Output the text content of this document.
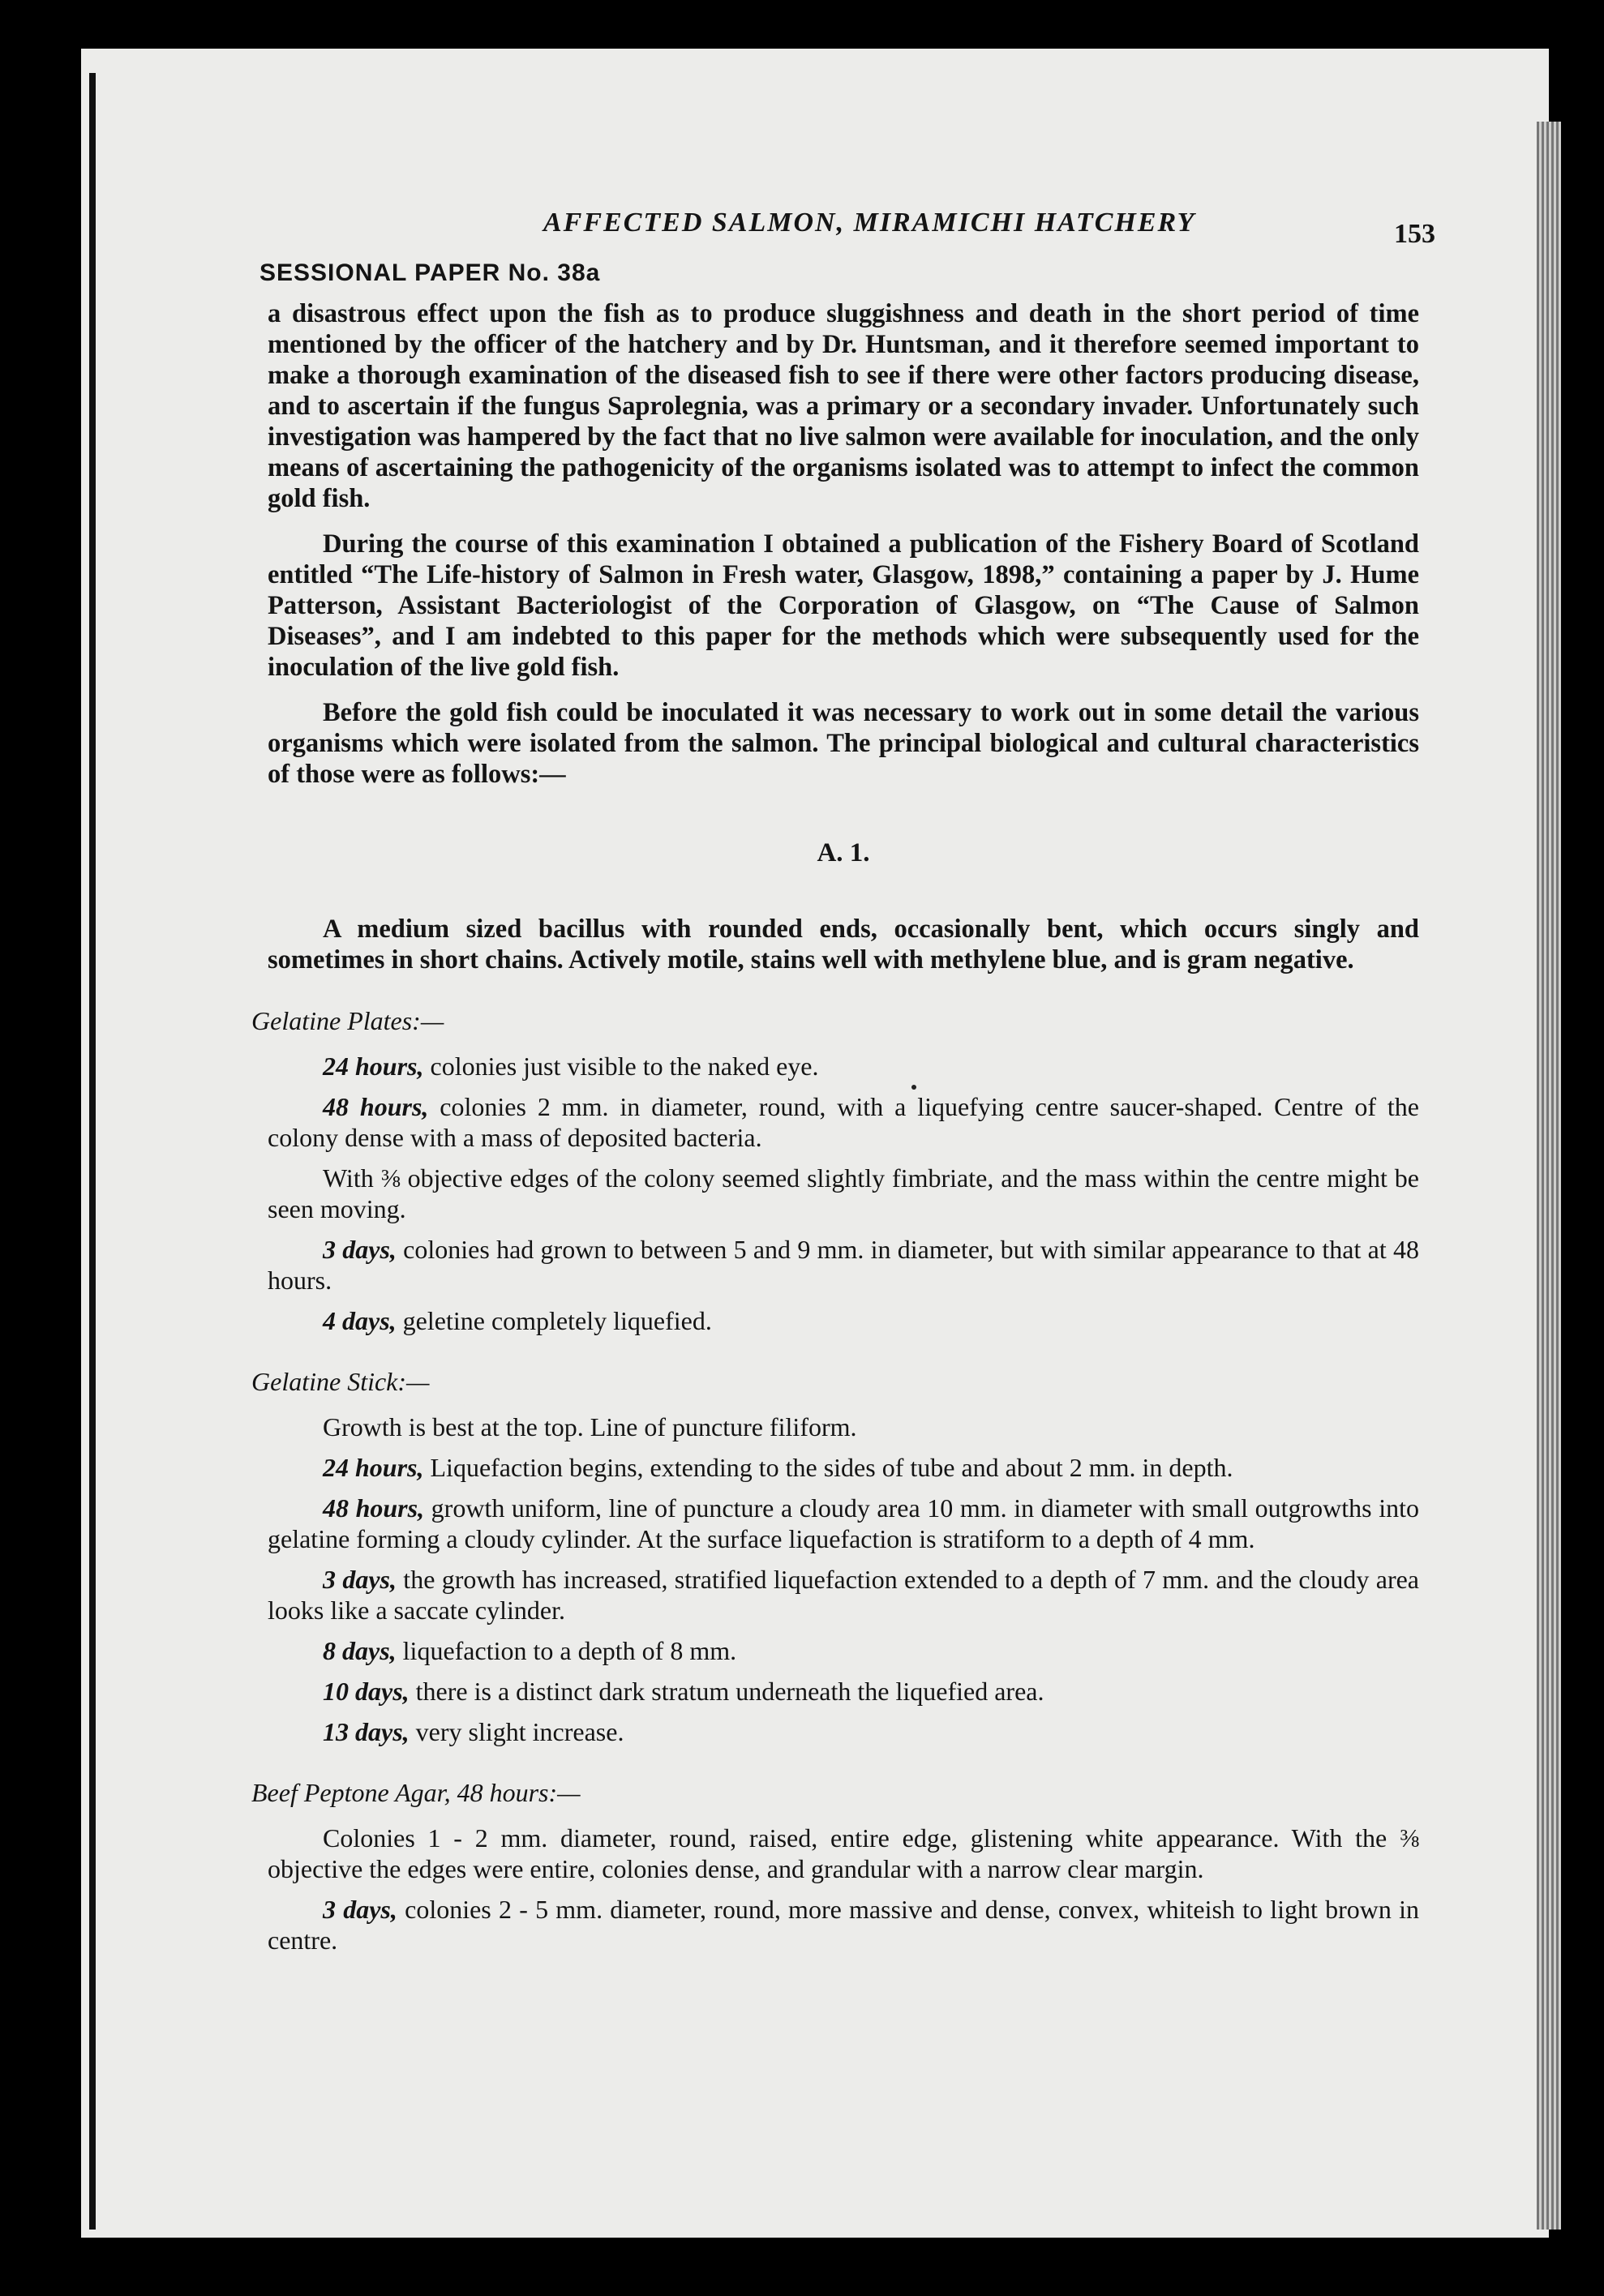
AFFECTED SALMON, MIRAMICHI HATCHERY	153
SESSIONAL PAPER No. 38a

a disastrous effect upon the fish as to produce sluggishness and death in the short period of time mentioned by the officer of the hatchery and by Dr. Huntsman, and it therefore seemed important to make a thorough examination of the diseased fish to see if there were other factors producing disease, and to ascertain if the fungus Saprolegnia, was a primary or a secondary invader. Unfortunately such investigation was hampered by the fact that no live salmon were available for inoculation, and the only means of ascertaining the pathogenicity of the organisms isolated was to attempt to infect the common gold fish.

During the course of this examination I obtained a publication of the Fishery Board of Scotland entitled “The Life-history of Salmon in Fresh water, Glasgow, 1898,” containing a paper by J. Hume Patterson, Assistant Bacteriologist of the Corporation of Glasgow, on “The Cause of Salmon Diseases”, and I am indebted to this paper for the methods which were subsequently used for the inoculation of the live gold fish.

Before the gold fish could be inoculated it was necessary to work out in some detail the various organisms which were isolated from the salmon. The principal biological and cultural characteristics of those were as follows:—

A. 1.

A medium sized bacillus with rounded ends, occasionally bent, which occurs singly and sometimes in short chains. Actively motile, stains well with methylene blue, and is gram negative.

Gelatine Plates:—

24 hours, colonies just visible to the naked eye.

48 hours, colonies 2 mm. in diameter, round, with a liquefying centre saucer-shaped. Centre of the colony dense with a mass of deposited bacteria.

With ⅜ objective edges of the colony seemed slightly fimbriate, and the mass within the centre might be seen moving.

3 days, colonies had grown to between 5 and 9 mm. in diameter, but with similar appearance to that at 48 hours.

4 days, geletine completely liquefied.

Gelatine Stick:—

Growth is best at the top. Line of puncture filiform.

24 hours, Liquefaction begins, extending to the sides of tube and about 2 mm. in depth.

48 hours, growth uniform, line of puncture a cloudy area 10 mm. in diameter with small outgrowths into gelatine forming a cloudy cylinder. At the surface liquefaction is stratiform to a depth of 4 mm.

3 days, the growth has increased, stratified liquefaction extended to a depth of 7 mm. and the cloudy area looks like a saccate cylinder.

8 days, liquefaction to a depth of 8 mm.

10 days, there is a distinct dark stratum underneath the liquefied area.

13 days, very slight increase.

Beef Peptone Agar, 48 hours:—

Colonies 1 - 2 mm. diameter, round, raised, entire edge, glistening white appearance. With the ⅜ objective the edges were entire, colonies dense, and grandular with a narrow clear margin.

3 days, colonies 2 - 5 mm. diameter, round, more massive and dense, convex, whiteish to light brown in centre.
